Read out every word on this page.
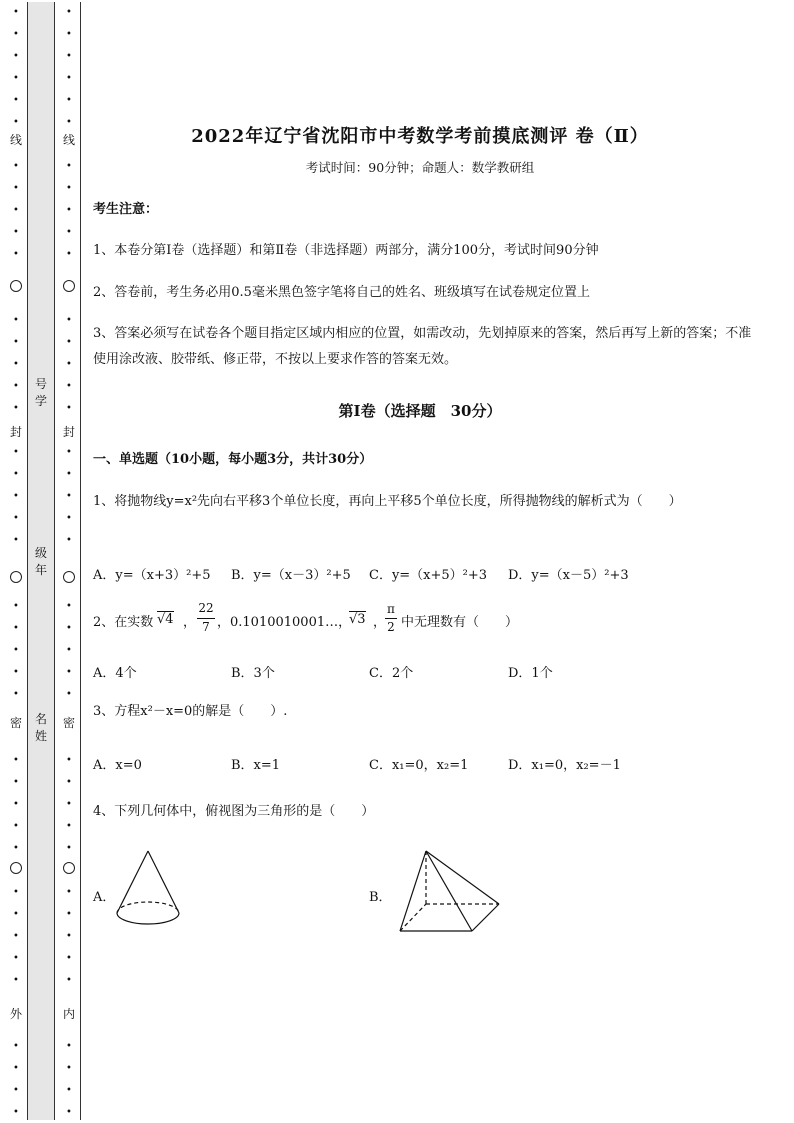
•
•
•
•
•
•
•
•
•
•
•
•
•
•
•
•
•
•
•
•
•
•
•
•
•
•
•
•
•
•
•
•
•
•
•
•
•
•
•
•
•
•
•
•
•
•
•
•
•
•
•
•
•
•
•
•
•
•
•
•
•
•
•
•
•
•
•
•
•
•
•
•
•
•
•
•
•
•
•
•
线
封
密
外
线
封
密
内
号学
级年
名姓
2022年辽宁省沈阳市中考数学考前摸底测评 卷（Ⅱ）
考试时间：90分钟；命题人：数学教研组
考生注意：
1、本卷分第Ⅰ卷（选择题）和第Ⅱ卷（非选择题）两部分，满分100分，考试时间90分钟
2、答卷前，考生务必用0.5毫米黑色签字笔将自己的姓名、班级填写在试卷规定位置上
3、答案必须写在试卷各个题目指定区域内相应的位置，如需改动，先划掉原来的答案，然后再写上新的答案；不准使用涂改液、胶带纸、修正带，不按以上要求作答的答案无效。
第Ⅰ卷（选择题　30分）
一、单选题（10小题，每小题3分，共计30分）
1、将抛物线y=x²先向右平移3个单位长度，再向上平移5个单位长度，所得抛物线的解析式为（　　）
A．y=（x+3）²+5 B．y=（x－3）²+5 C．y=（x+5）²+3 D．y=（x－5）²+3
2、在实数 √4 ，
22
7 ，0.1010010001…，
√3 ，
π
2 中无理数有（　　）
A．4个	B．3个	C．2个	D．1个
3、方程x²－x=0的解是（　　）.
A．x=0	B．x=1	C．x₁=0，x₂=1	D．x₁=0，x₂=－1
4、下列几何体中，俯视图为三角形的是（　　）
A．	B．
